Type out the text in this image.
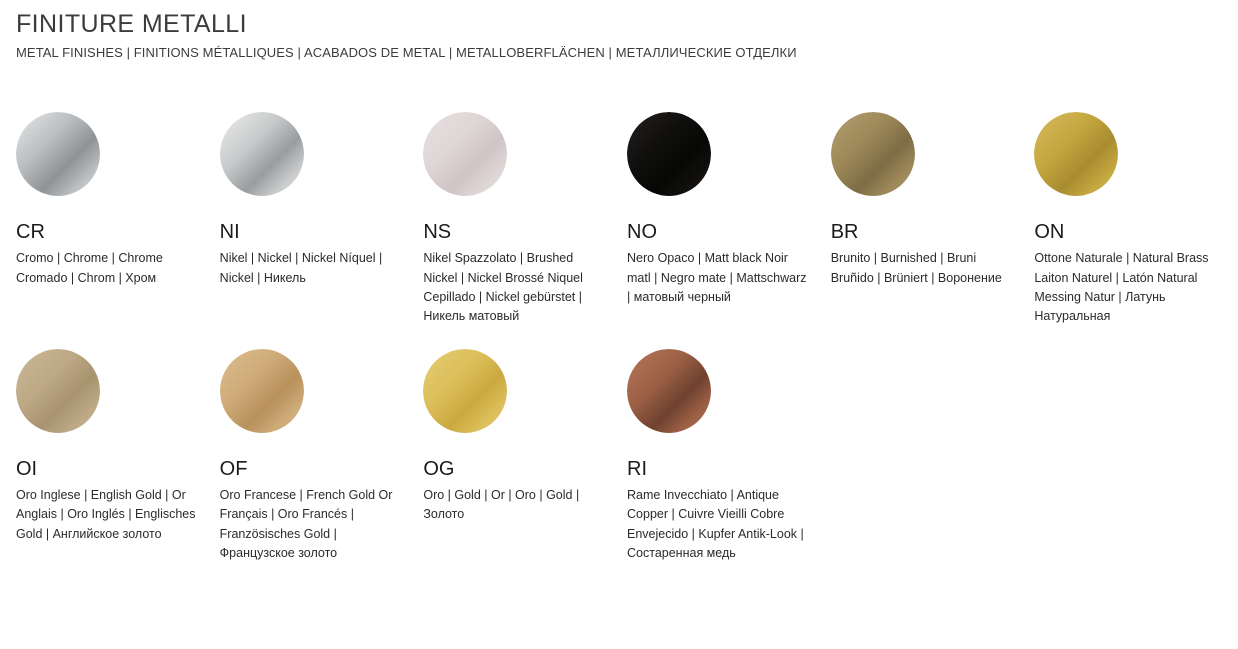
FINITURE METALLI

METAL FINISHES | FINITIONS MÉTALLIQUES | ACABADOS DE METAL | METALLOBERFLÄCHEN | МЕТАЛЛИЧЕСКИЕ ОТДЕЛКИ

CR
Cromo | Chrome | Chrome Cromado | Chrom | Хром
NI
Nikel | Nickel | Nickel Níquel | Nickel | Никель
NS
Nikel Spazzolato | Brushed Nickel | Nickel Brossé Niquel Cepillado | Nickel gebürstet | Никель матовый
NO
Nero Opaco | Matt black Noir matl | Negro mate | Mattschwarz | матовый черный
BR
Brunito | Burnished | Bruni Bruñido | Brüniert | Воронение
ON
Ottone Naturale | Natural Brass Laiton Naturel | Latón Natural Messing Natur | Латунь Натуральная
OI
Oro Inglese | English Gold | Or Anglais | Oro Inglés | Englisches Gold | Английское золото
OF
Oro Francese | French Gold Or Français | Oro Francés | Französisches Gold | Французское золото
OG
Oro | Gold | Or | Oro | Gold | Золото
RI
Rame Invecchiato | Antique Copper | Cuivre Vieilli Cobre Envejecido | Kupfer Antik-Look | Состаренная медь
